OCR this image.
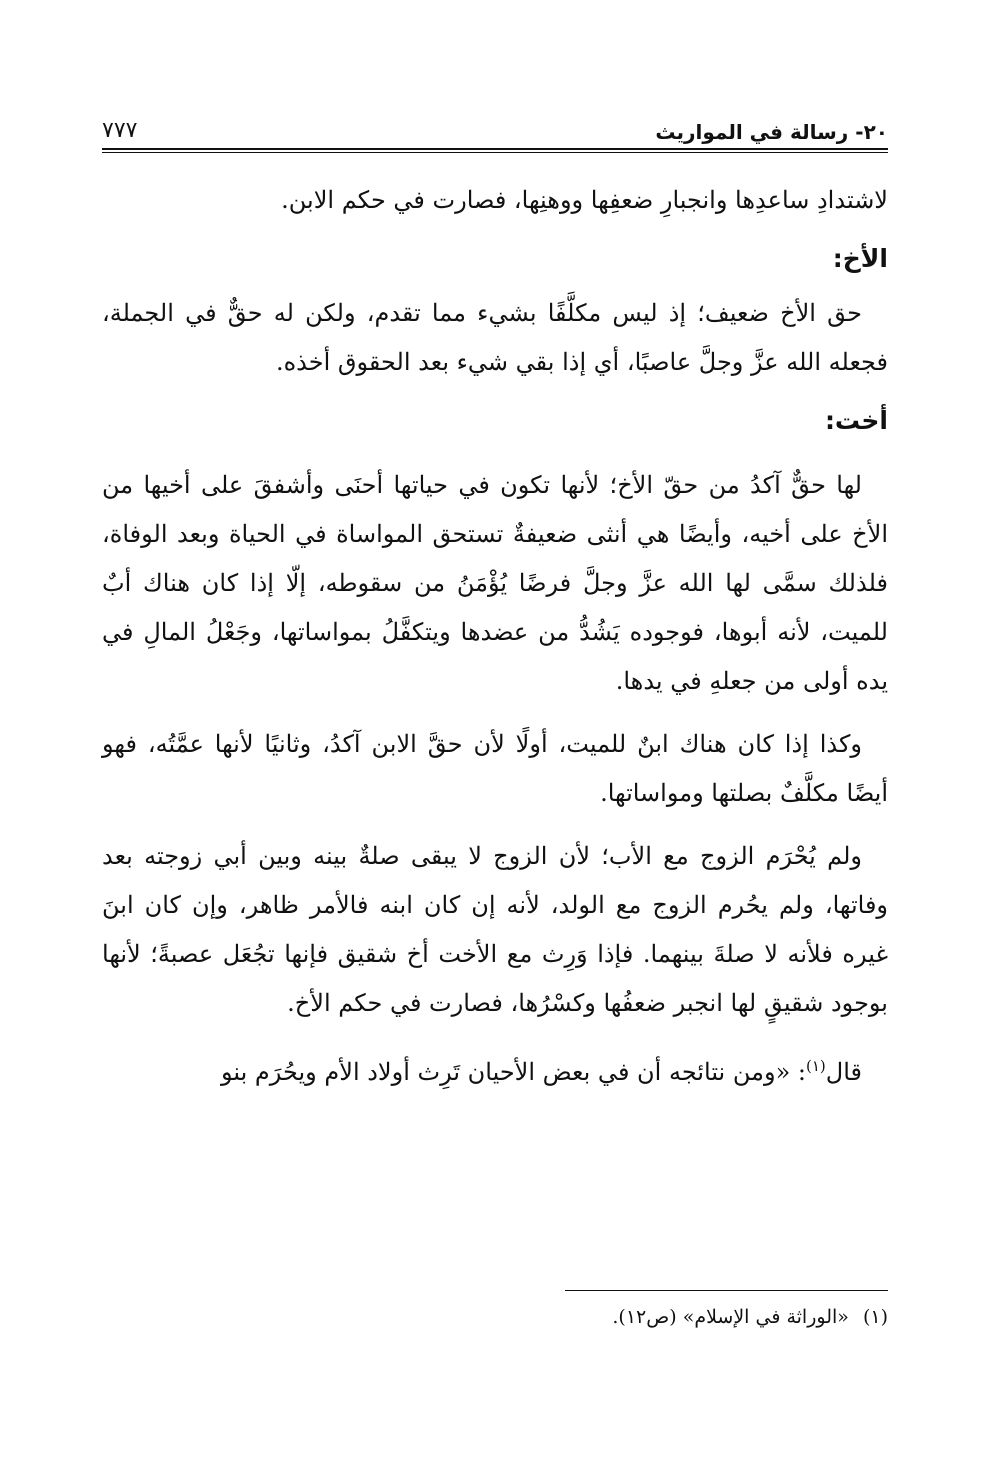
٢٠- رسالة في المواريث
٧٧٧

لاشتدادِ ساعدِها وانجبارِ ضعفِها ووهنِها، فصارت في حكم الابن.

الأخ:

حق الأخ ضعيف؛ إذ ليس مكلَّفًا بشيء مما تقدم، ولكن له حقٌّ في الجملة، فجعله الله عزَّ وجلَّ عاصبًا، أي إذا بقي شيء بعد الحقوق أخذه.

أخت:

لها حقٌّ آكدُ من حقّ الأخ؛ لأنها تكون في حياتها أحنَى وأشفقَ على أخيها من الأخ على أخيه، وأيضًا هي أنثى ضعيفةٌ تستحق المواساة في الحياة وبعد الوفاة، فلذلك سمَّى لها الله عزَّ وجلَّ فرضًا يُؤْمَنُ من سقوطه، إلّا إذا كان هناك أبٌ للميت، لأنه أبوها، فوجوده يَشُدُّ من عضدها ويتكفَّلُ بمواساتها، وجَعْلُ المالِ في يده أولى من جعلهِ في يدها.

وكذا إذا كان هناك ابنٌ للميت، أولًا لأن حقَّ الابن آكدُ، وثانيًا لأنها عمَّتُه، فهو أيضًا مكلَّفٌ بصلتها ومواساتها.

ولم يُحْرَم الزوج مع الأب؛ لأن الزوج لا يبقى صلةٌ بينه وبين أبي زوجته بعد وفاتها، ولم يحُرم الزوج مع الولد، لأنه إن كان ابنه فالأمر ظاهر، وإن كان ابنَ غيره فلأنه لا صلةَ بينهما. فإذا وَرِث مع الأخت أخ شقيق فإنها تجُعَل عصبةً؛ لأنها بوجود شقيقٍ لها انجبر ضعفُها وكسْرُها، فصارت في حكم الأخ.

قال$^{(١)}$: «ومن نتائجه أن في بعض الأحيان تَرِث أولاد الأم ويحُرَم بنو

(١) «الوراثة في الإسلام» (ص١٢).
